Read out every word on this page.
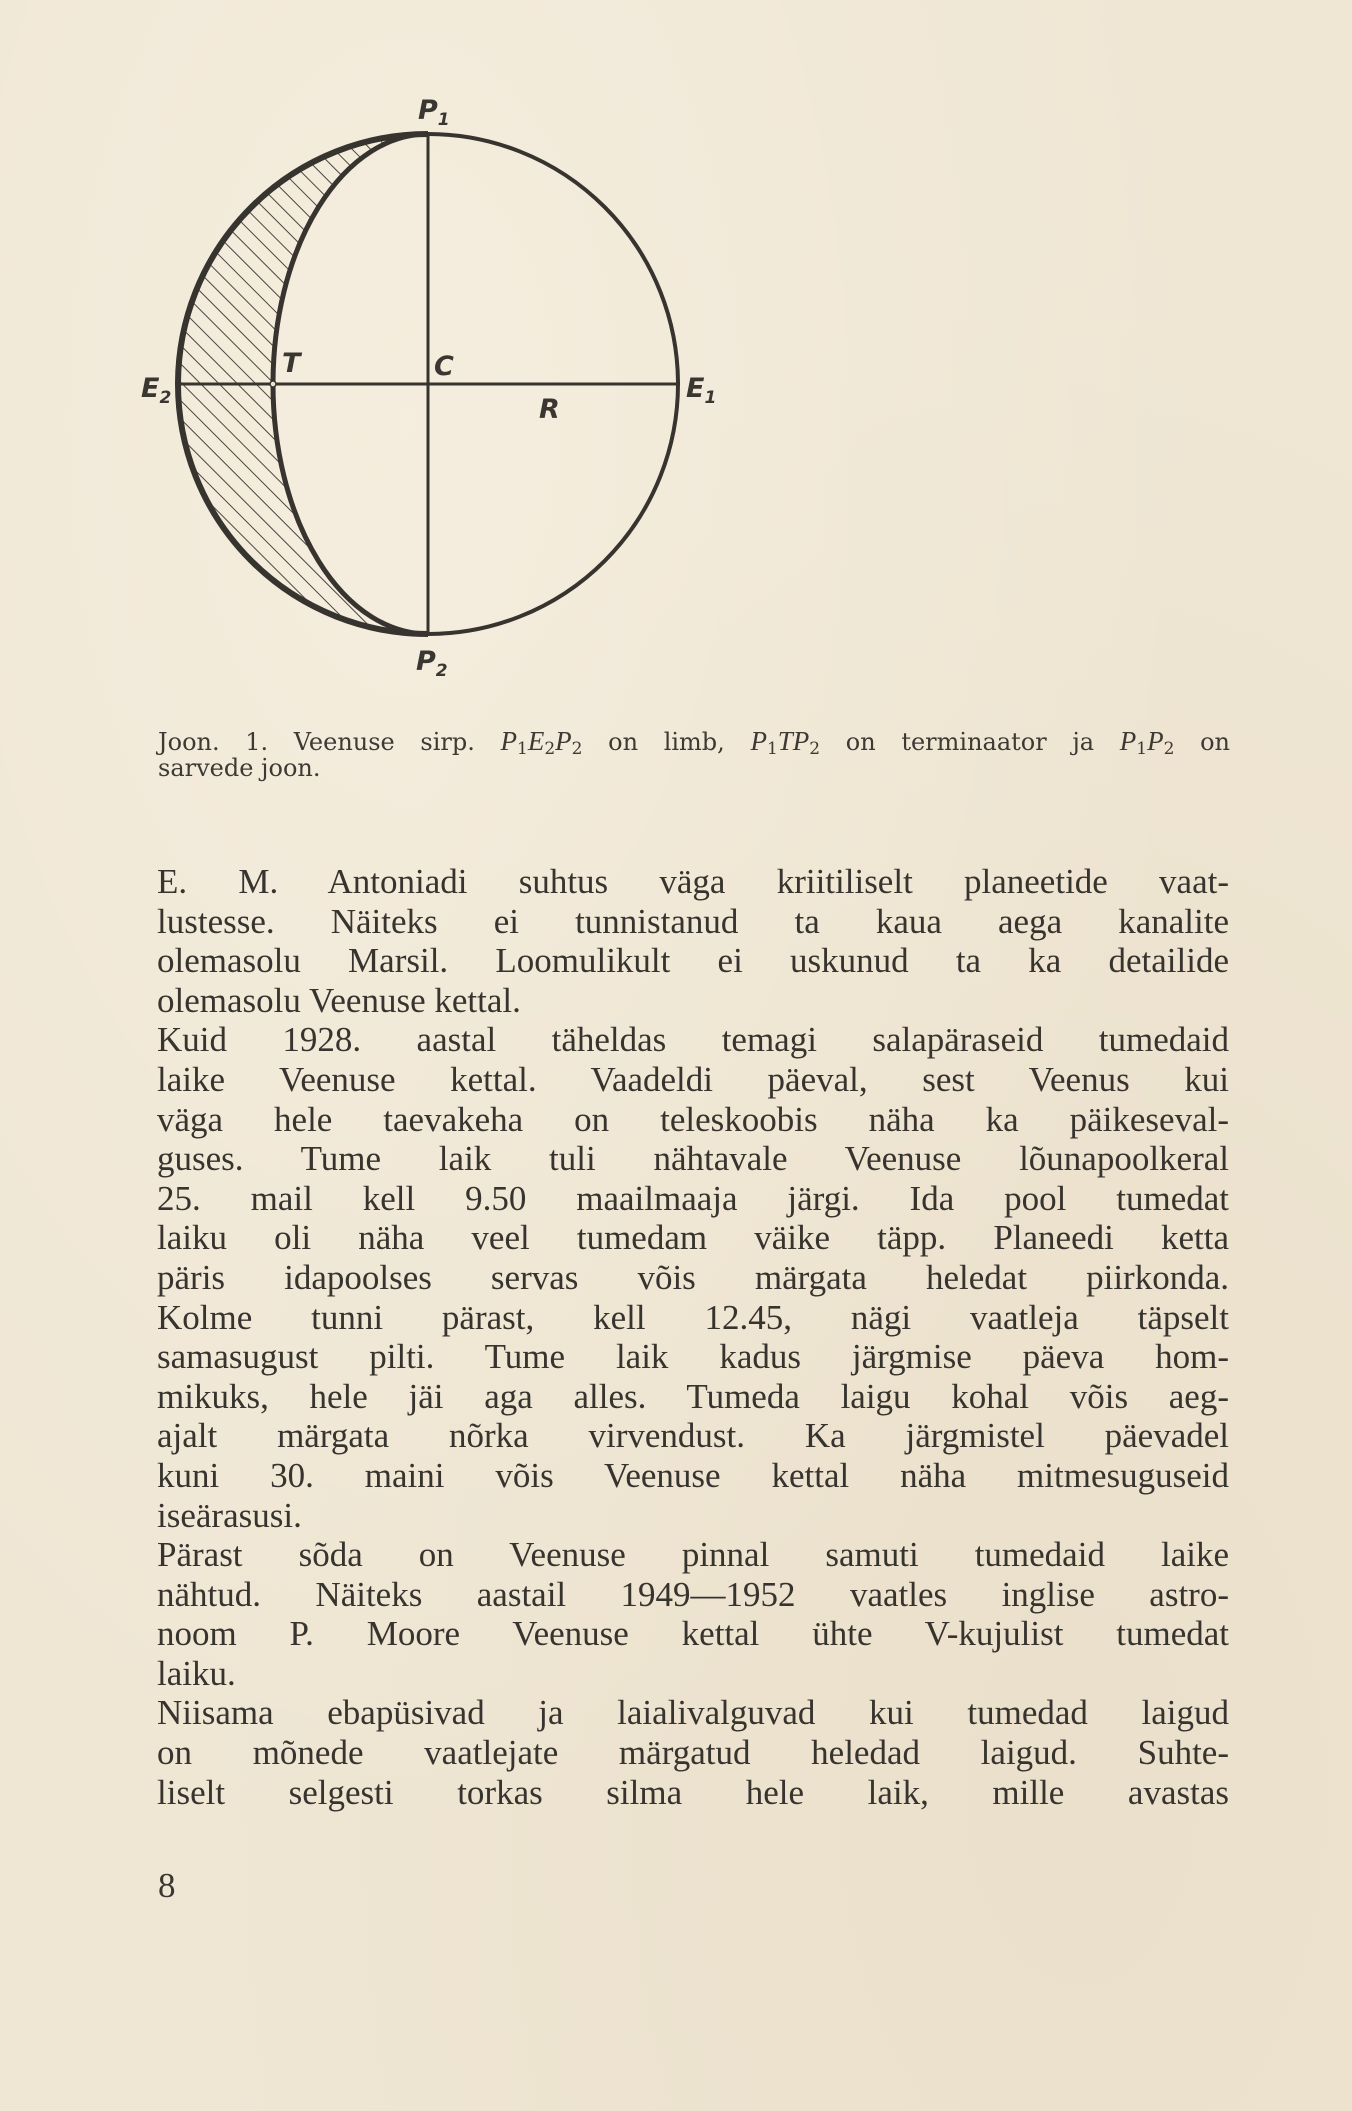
$P_1$
$P_2$
$E_1$
$E_2$
T	C
R
Joon. 1. Veenuse sirp. $P_1E_2P_2$ on limb, $P_1TP_2$ on terminaator ja $P_1P_2$ on
sarvede joon.
E. M. Antoniadi suhtus väga kriitiliselt planeetide vaat-
lustesse. Näiteks ei tunnistanud ta kaua aega kanalite
olemasolu Marsil. Loomulikult ei uskunud ta ka detailide
olemasolu Veenuse kettal.
Kuid 1928. aastal täheldas temagi salapäraseid tumedaid
laike Veenuse kettal. Vaadeldi päeval, sest Veenus kui
väga hele taevakeha on teleskoobis näha ka päikeseval-
guses. Tume laik tuli nähtavale Veenuse lõunapoolkeral
25. mail kell 9.50 maailmaaja järgi. Ida pool tumedat
laiku oli näha veel tumedam väike täpp. Planeedi ketta
päris idapoolses servas võis märgata heledat piirkonda.
Kolme tunni pärast, kell 12.45, nägi vaatleja täpselt
samasugust pilti. Tume laik kadus järgmise päeva hom-
mikuks, hele jäi aga alles. Tumeda laigu kohal võis aeg-
ajalt märgata nõrka virvendust. Ka järgmistel päevadel
kuni 30. maini võis Veenuse kettal näha mitmesuguseid
iseärasusi.
Pärast sõda on Veenuse pinnal samuti tumedaid laike
nähtud. Näiteks aastail 1949—1952 vaatles inglise astro-
noom P. Moore Veenuse kettal ühte V-kujulist tumedat
laiku.
Niisama ebapüsivad ja laialivalguvad kui tumedad laigud
on mõnede vaatlejate märgatud heledad laigud. Suhte-
liselt selgesti torkas silma hele laik, mille avastas
8
